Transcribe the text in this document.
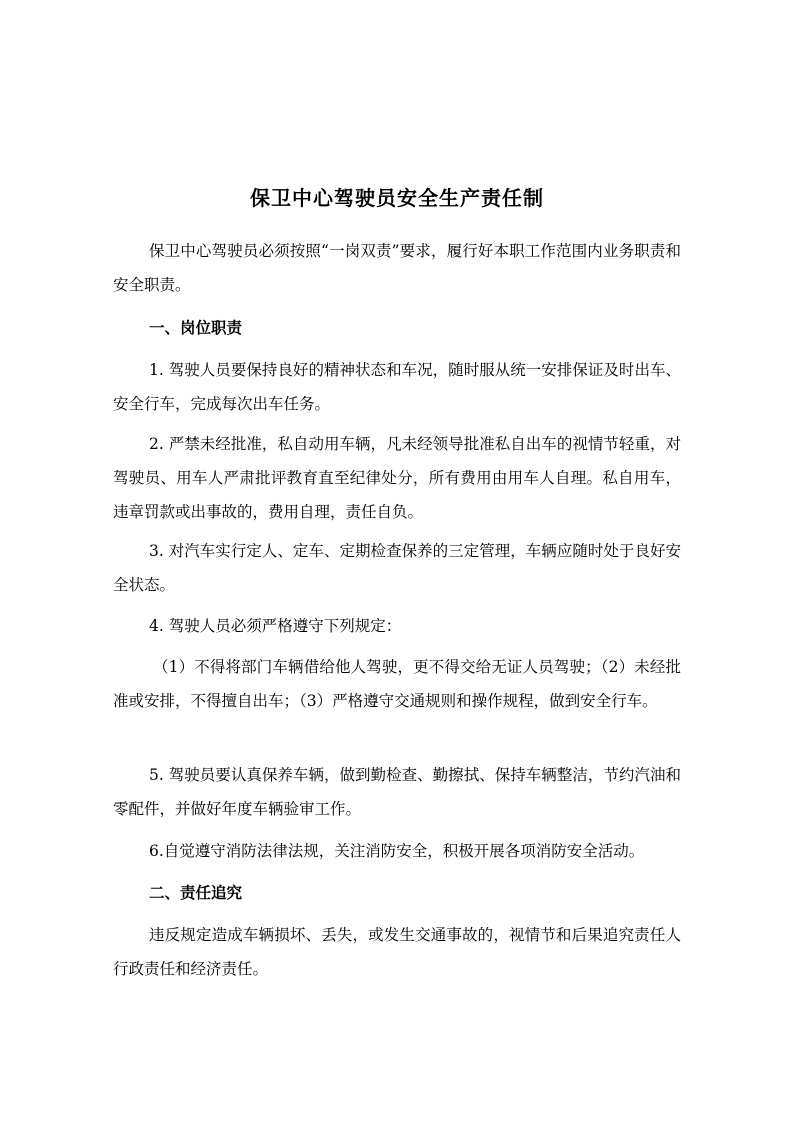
保卫中心驾驶员安全生产责任制

保卫中心驾驶员必须按照“一岗双责”要求，履行好本职工作范围内业务职责和安全职责。

一、岗位职责

1. 驾驶人员要保持良好的精神状态和车况，随时服从统一安排保证及时出车、安全行车，完成每次出车任务。

2. 严禁未经批准，私自动用车辆，凡未经领导批准私自出车的视情节轻重，对驾驶员、用车人严肃批评教育直至纪律处分，所有费用由用车人自理。私自用车，违章罚款或出事故的，费用自理，责任自负。

3. 对汽车实行定人、定车、定期检查保养的三定管理，车辆应随时处于良好安全状态。

4. 驾驶人员必须严格遵守下列规定：

（1）不得将部门车辆借给他人驾驶，更不得交给无证人员驾驶；（2）未经批准或安排，不得擅自出车；（3）严格遵守交通规则和操作规程，做到安全行车。

5. 驾驶员要认真保养车辆，做到勤检查、勤擦拭、保持车辆整洁，节约汽油和零配件，并做好年度车辆验审工作。

6.自觉遵守消防法律法规，关注消防安全，积极开展各项消防安全活动。

二、责任追究

违反规定造成车辆损坏、丢失，或发生交通事故的，视情节和后果追究责任人行政责任和经济责任。
